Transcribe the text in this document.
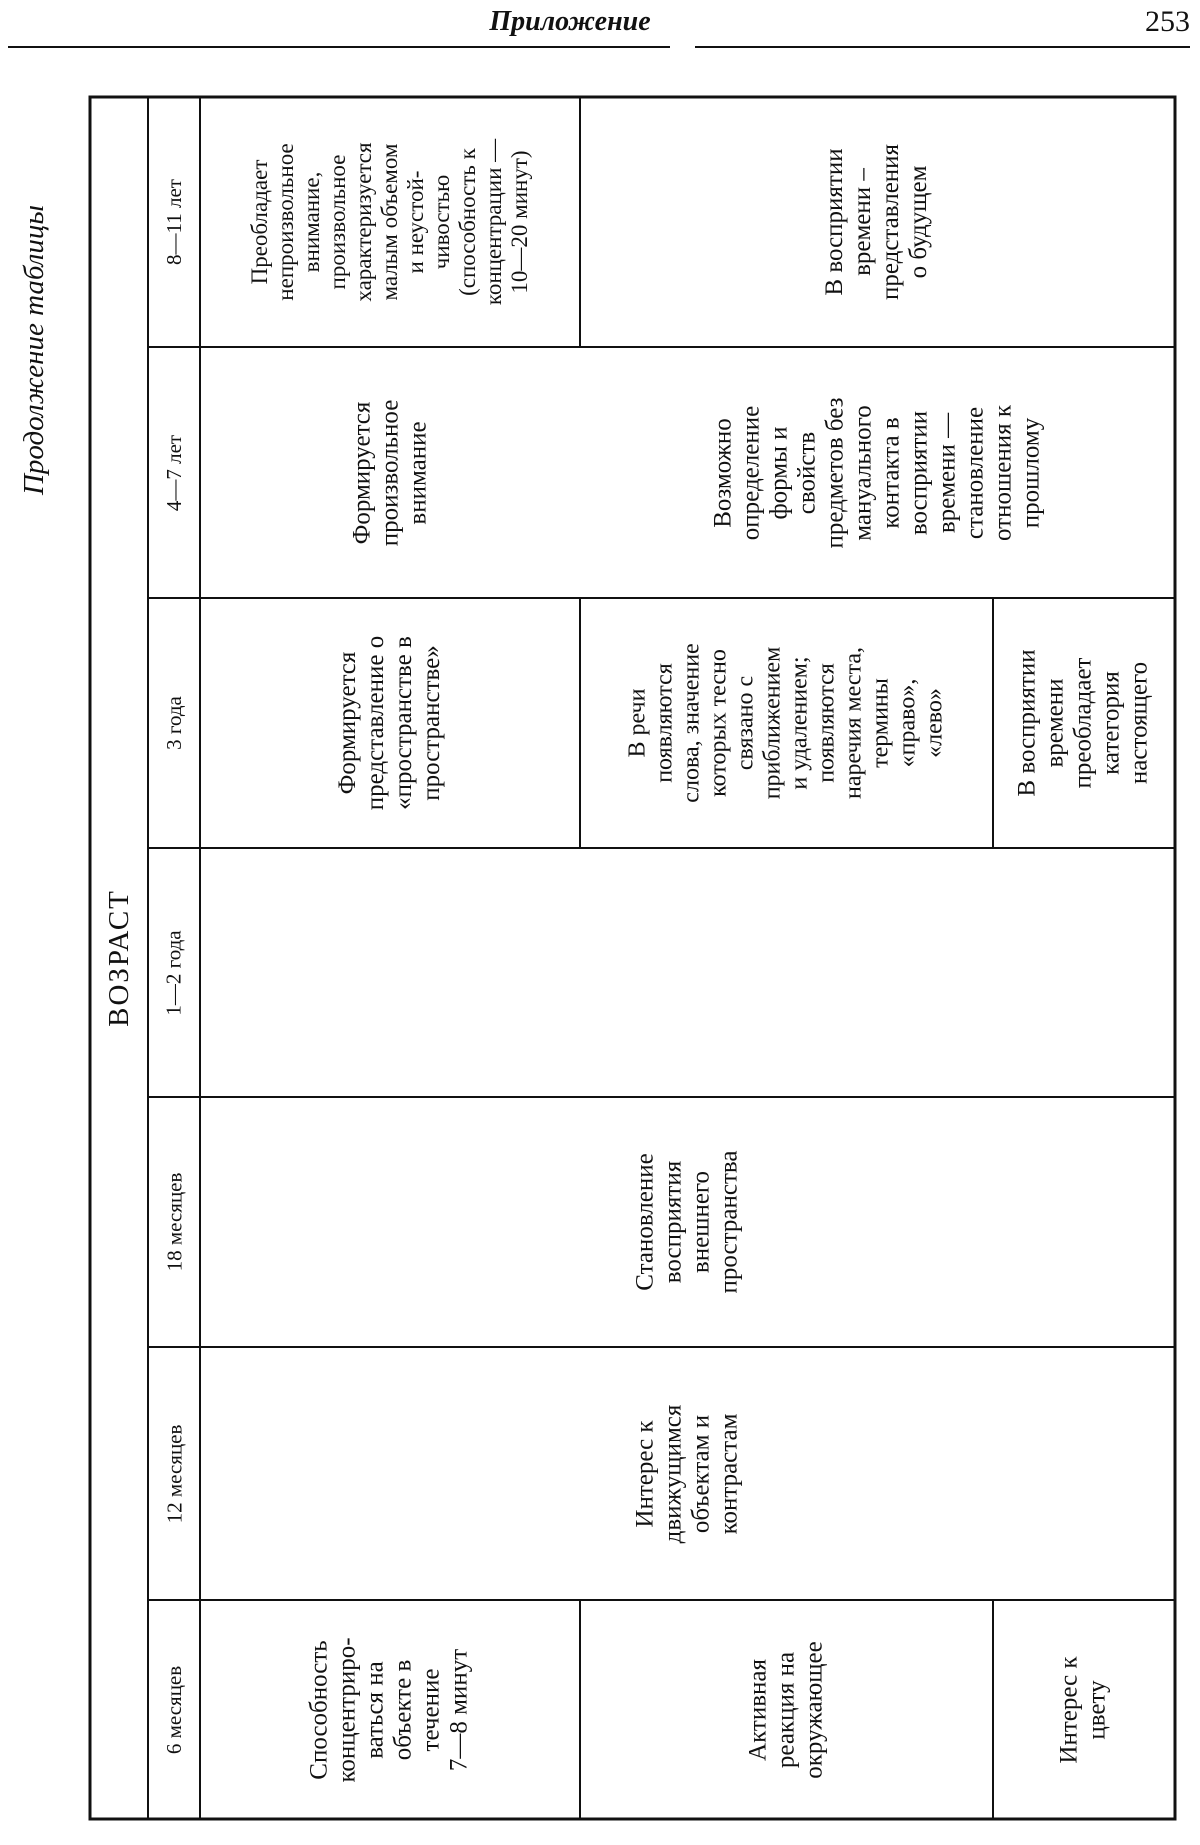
Приложение	253
Продолжение таблицы
ВОЗРАСТ
6 месяцев
12 месяцев
18 месяцев
1—2 года
3 года
4—7 лет
8—11 лет
Способность
концентриро-
ваться на
объекте в
течение
7—8 минут
Формируется
представление о
«пространстве в
пространстве»
Формируется
произвольное
внимание
Преобладает
непроизвольное
внимание,
произвольное
характеризуется
малым объемом
и неустой-
чивостью
(способность к
концентрации —
10—20 минут)
Активная
реакция на
окружающее
Интерес к
движущимся
объектам и
контрастам
Становление
восприятия
внешнего
пространства
В речи
появляются
слова, значение
которых тесно
связано с
приближением
и удалением;
появляются
наречия места,
термины
«право»,
«лево»
Возможно
определение
формы и
свойств
предметов без
мануального
контакта в
восприятии
времени —
становление
отношения к
прошлому
В восприятии
времени –
представления
о будущем
Интерес к
цвету
В восприятии
времени
преобладает
категория
настоящего
